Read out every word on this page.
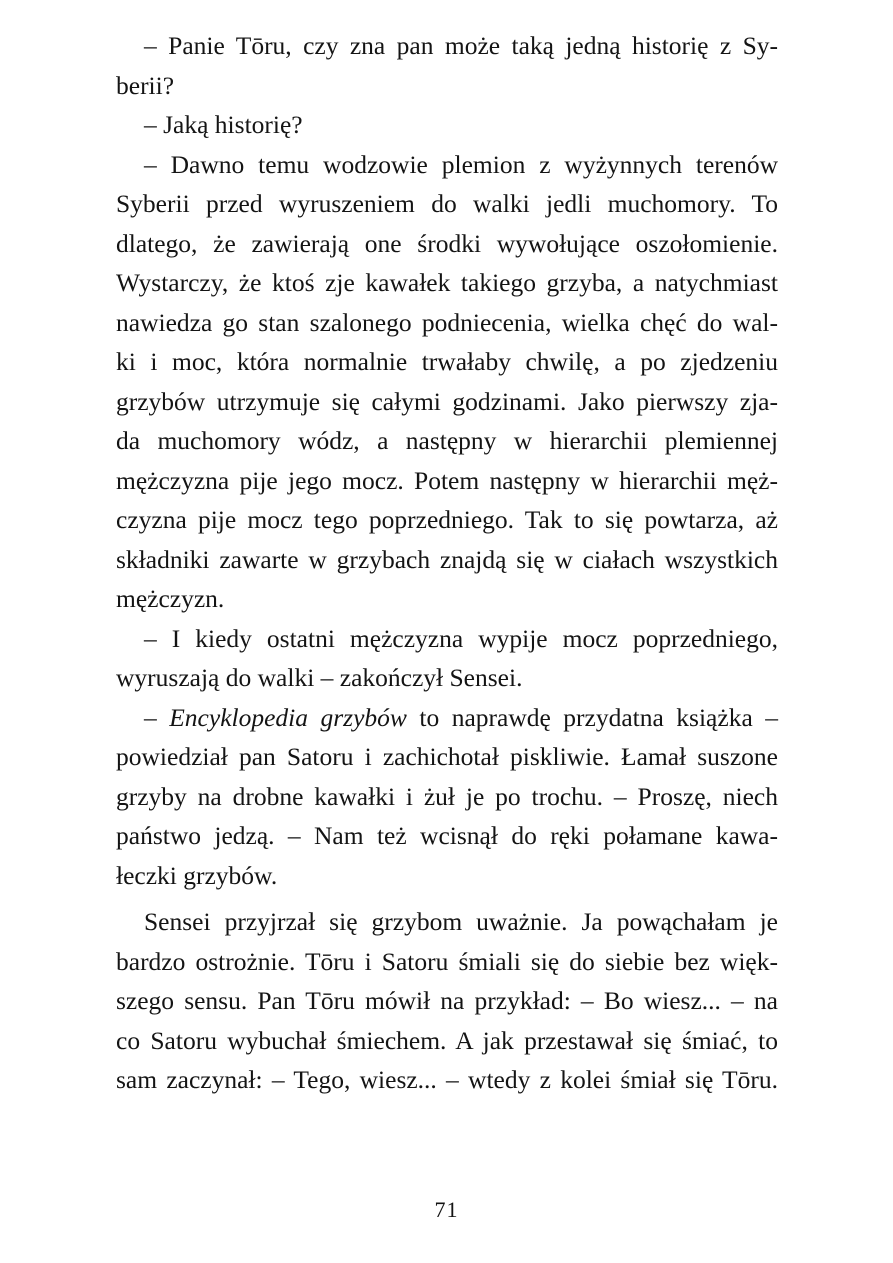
– Panie Tōru, czy zna pan może taką jedną historię z Sy-
berii?
– Jaką historię?
– Dawno temu wodzowie plemion z wyżynnych terenów
Syberii przed wyruszeniem do walki jedli muchomory. To
dlatego, że zawierają one środki wywołujące oszołomienie.
Wystarczy, że ktoś zje kawałek takiego grzyba, a natychmiast
nawiedza go stan szalonego podniecenia, wielka chęć do wal-
ki i moc, która normalnie trwałaby chwilę, a po zjedzeniu
grzybów utrzymuje się całymi godzinami. Jako pierwszy zja-
da muchomory wódz, a następny w hierarchii plemiennej
mężczyzna pije jego mocz. Potem następny w hierarchii męż-
czyzna pije mocz tego poprzedniego. Tak to się powtarza, aż
składniki zawarte w grzybach znajdą się w ciałach wszystkich
mężczyzn.
– I kiedy ostatni mężczyzna wypije mocz poprzedniego,
wyruszają do walki – zakończył Sensei.
– Encyklopedia grzybów to naprawdę przydatna książka –
powiedział pan Satoru i zachichotał piskliwie. Łamał suszone
grzyby na drobne kawałki i żuł je po trochu. – Proszę, niech
państwo jedzą. – Nam też wcisnął do ręki połamane kawa-
łeczki grzybów.
Sensei przyjrzał się grzybom uważnie. Ja powąchałam je
bardzo ostrożnie. Tōru i Satoru śmiali się do siebie bez więk-
szego sensu. Pan Tōru mówił na przykład: – Bo wiesz... – na
co Satoru wybuchał śmiechem. A jak przestawał się śmiać, to
sam zaczynał: – Tego, wiesz... – wtedy z kolei śmiał się Tōru.
71
